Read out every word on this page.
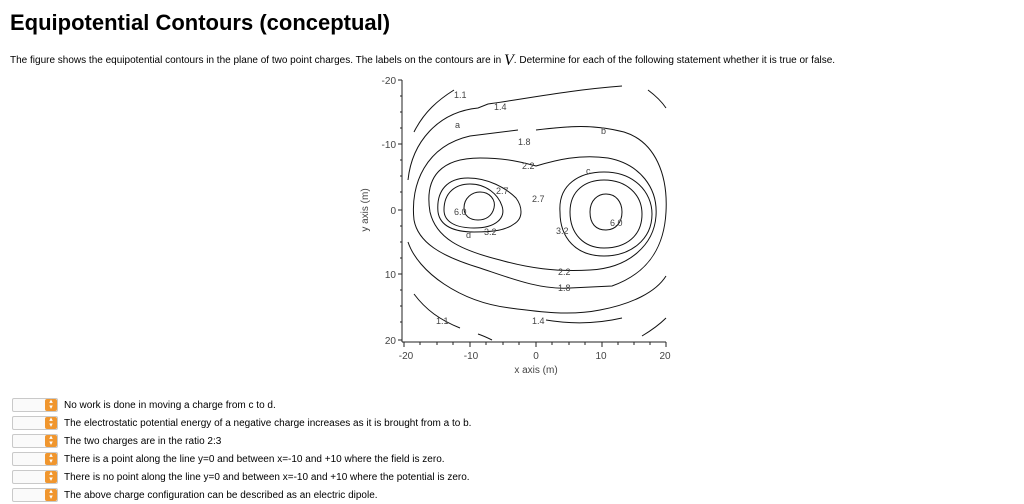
Equipotential Contours (conceptual)
The figure shows the equipotential contours in the plane of two point charges. The labels on the contours are in V. Determine for each of the following statement whether it is true or false.
-20
-10
0
10
20
-20	-10	0	10	20
x axis (m)
y axis (m)
1.1
1.4
a
b
1.8
2.2	c
2.7
2.7
6.0
3.2
d	3.2
6.0
2.2
1.8
1.1	1.4
▴
▾	No work is done in moving a charge from c to d.
▴
▾	The electrostatic potential energy of a negative charge increases as it is brought from a to b.
▴
▾	The two charges are in the ratio 2:3
▴
▾	There is a point along the line y=0 and between x=-10 and +10 where the field is zero.
▴
▾	There is no point along the line y=0 and between x=-10 and +10 where the potential is zero.
▴
▾	The above charge configuration can be described as an electric dipole.
